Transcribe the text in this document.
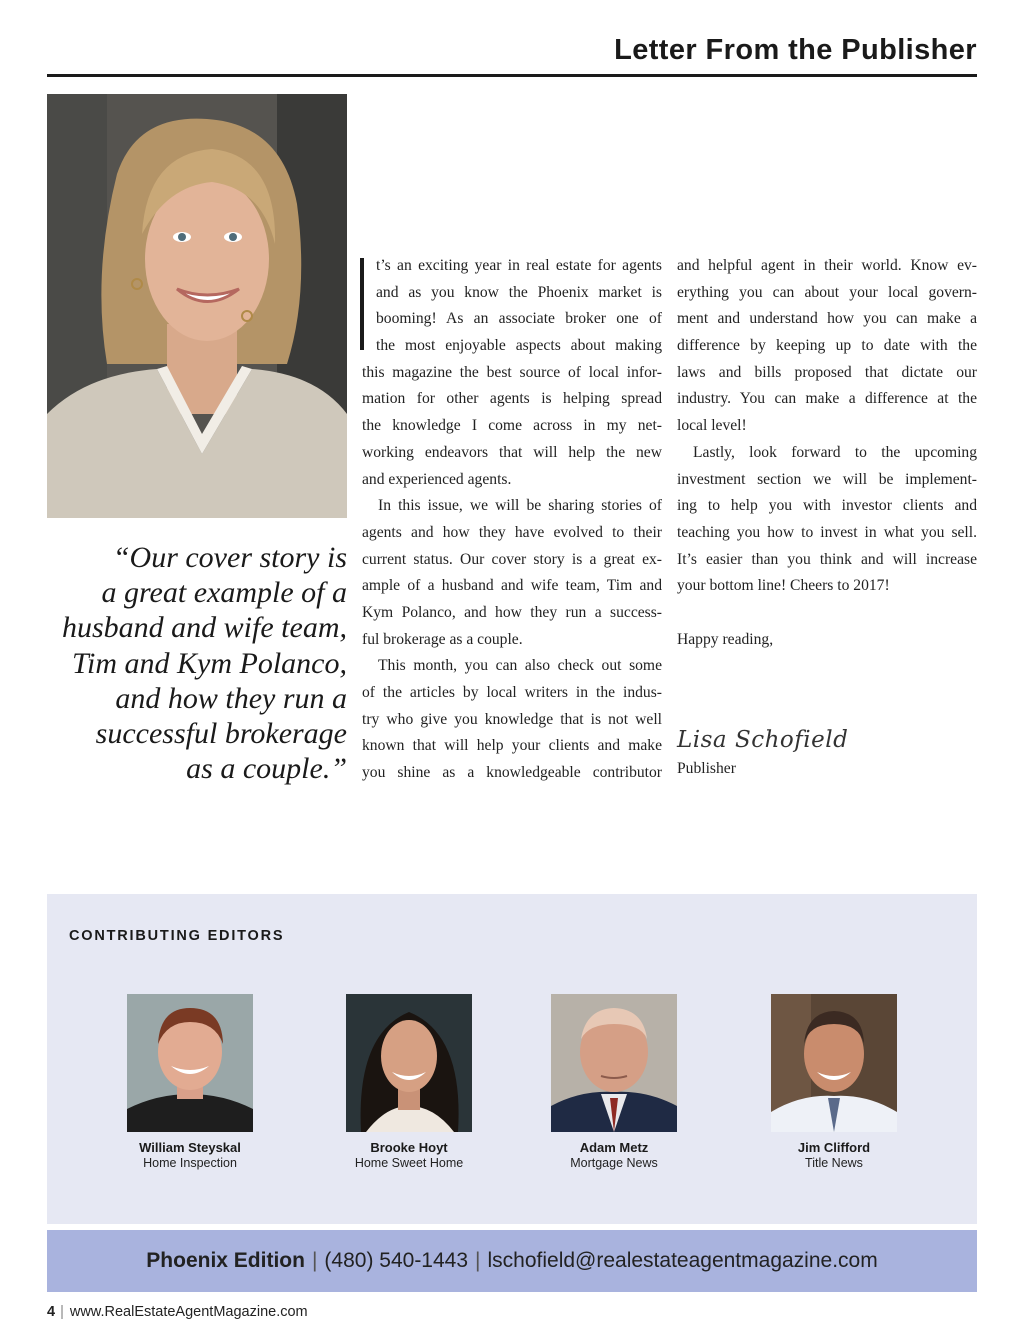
Letter From the Publisher
“Our cover story is
a great example of a
husband and wife team,
Tim and Kym Polanco,
and how they run a
successful brokerage
as a couple.”
t’s an exciting year in real estate for agents
and as you know the Phoenix market is
booming! As an associate broker one of
the most enjoyable aspects about making
this magazine the best source of local infor-
mation for other agents is helping spread
the knowledge I come across in my net-
working endeavors that will help the new
and experienced agents.
In this issue, we will be sharing stories of
agents and how they have evolved to their
current status. Our cover story is a great ex-
ample of a husband and wife team, Tim and
Kym Polanco, and how they run a success-
ful brokerage as a couple.
This month, you can also check out some
of the articles by local writers in the indus-
try who give you knowledge that is not well
known that will help your clients and make
you shine as a knowledgeable contributor
and helpful agent in their world. Know ev-
erything you can about your local govern-
ment and understand how you can make a
difference by keeping up to date with the
laws and bills proposed that dictate our
industry. You can make a difference at the
local level!
Lastly, look forward to the upcoming
investment section we will be implement-
ing to help you with investor clients and
teaching you how to invest in what you sell.
It’s easier than you think and will increase
your bottom line! Cheers to 2017!
Happy reading,
Lisa Schofield
Publisher
CONTRIBUTING EDITORS
William Steyskal
Home Inspection
Brooke Hoyt
Home Sweet Home
Adam Metz
Mortgage News
Jim Clifford
Title News
Phoenix Edition | (480) 540-1443 | lschofield@realestateagentmagazine.com
4 | www.RealEstateAgentMagazine.com
